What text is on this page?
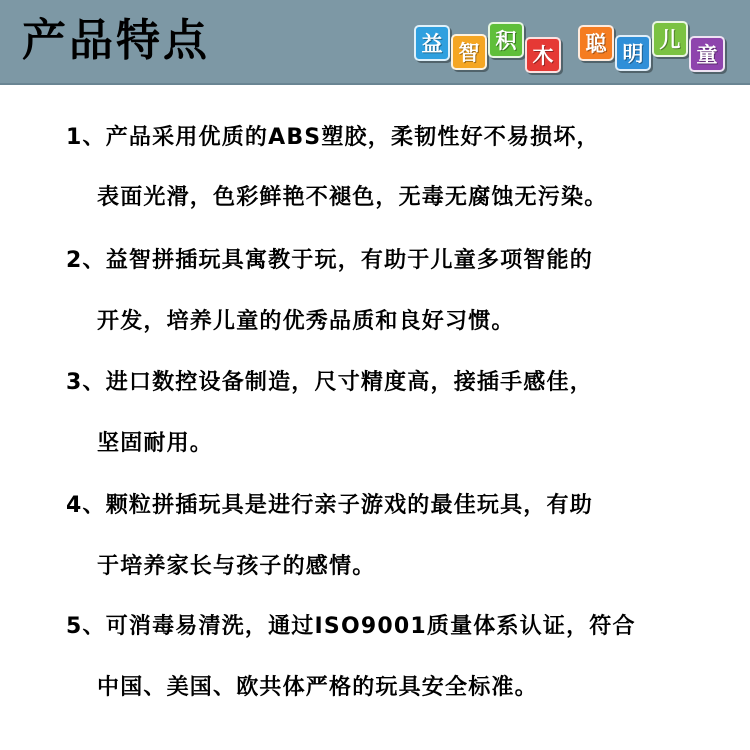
产品特点	益 智 积
木 聪 明
儿
童
1、产品采用优质的ABS塑胶，柔韧性好不易损坏，
表面光滑，色彩鲜艳不褪色，无毒无腐蚀无污染。
2、益智拼插玩具寓教于玩，有助于儿童多项智能的
开发，培养儿童的优秀品质和良好习惯。
3、进口数控设备制造，尺寸精度高，接插手感佳，
坚固耐用。
4、颗粒拼插玩具是进行亲子游戏的最佳玩具，有助
于培养家长与孩子的感情。
5、可消毒易清洗，通过ISO9001质量体系认证，符合
中国、美国、欧共体严格的玩具安全标准。
